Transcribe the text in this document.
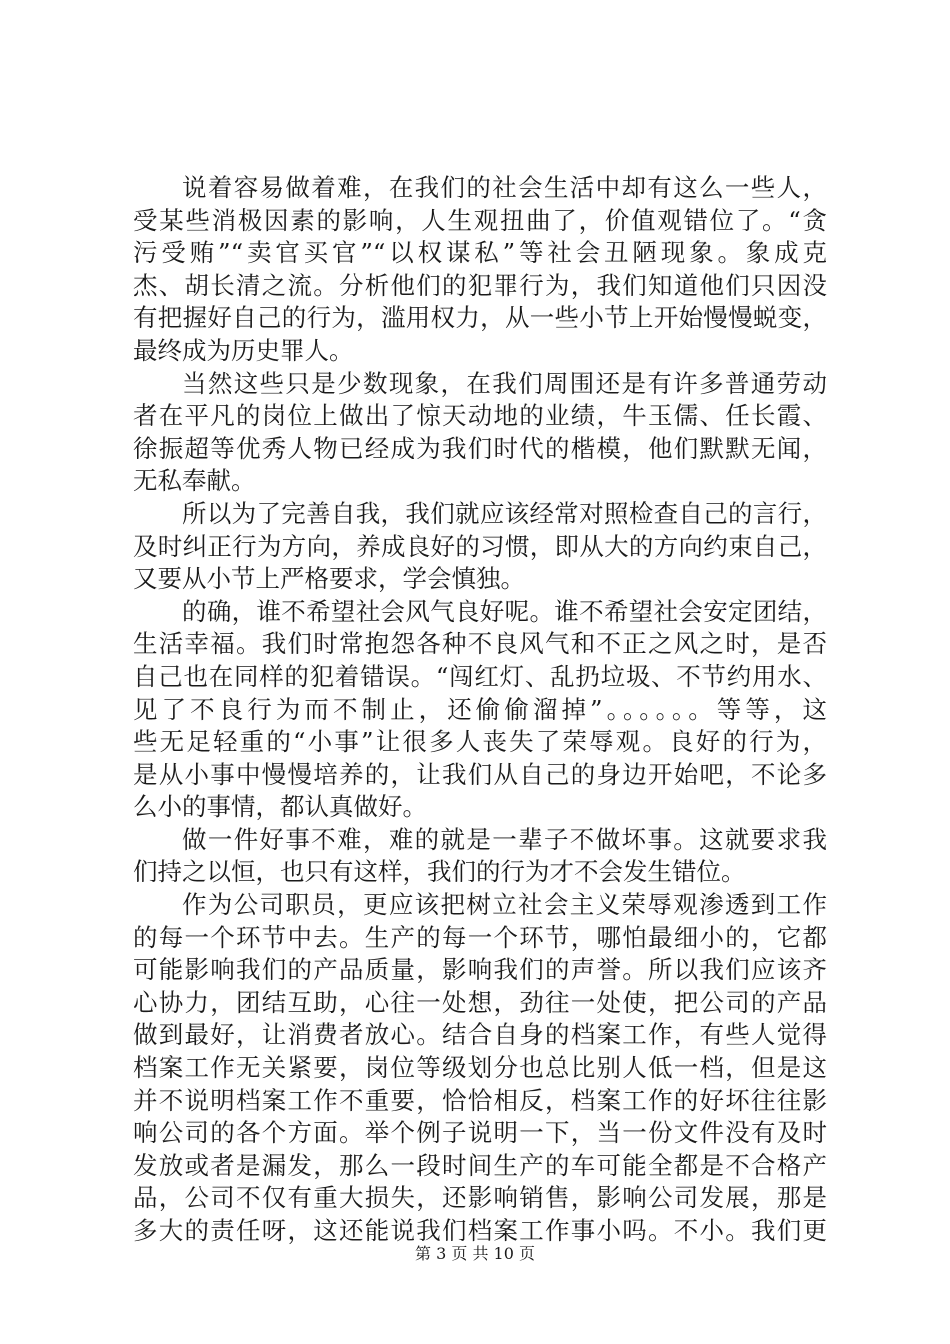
说着容易做着难，在我们的社会生活中却有这么一些人，
受某些消极因素的影响，人生观扭曲了，价值观错位了。“贪
污受贿”“卖官买官”“以权谋私”等社会丑陋现象。象成克
杰、胡长清之流。分析他们的犯罪行为，我们知道他们只因没
有把握好自己的行为，滥用权力，从一些小节上开始慢慢蜕变，
最终成为历史罪人。
当然这些只是少数现象，在我们周围还是有许多普通劳动
者在平凡的岗位上做出了惊天动地的业绩，牛玉儒、任长霞、
徐振超等优秀人物已经成为我们时代的楷模，他们默默无闻，
无私奉献。
所以为了完善自我，我们就应该经常对照检查自己的言行，
及时纠正行为方向，养成良好的习惯，即从大的方向约束自己，
又要从小节上严格要求，学会慎独。
的确，谁不希望社会风气良好呢。谁不希望社会安定团结，
生活幸福。我们时常抱怨各种不良风气和不正之风之时，是否
自己也在同样的犯着错误。“闯红灯、乱扔垃圾、不节约用水、
见了不良行为而不制止，还偷偷溜掉”。。。。。。等等，这
些无足轻重的“小事”让很多人丧失了荣辱观。良好的行为，
是从小事中慢慢培养的，让我们从自己的身边开始吧，不论多
么小的事情，都认真做好。
做一件好事不难，难的就是一辈子不做坏事。这就要求我
们持之以恒，也只有这样，我们的行为才不会发生错位。
作为公司职员，更应该把树立社会主义荣辱观渗透到工作
的每一个环节中去。生产的每一个环节，哪怕最细小的，它都
可能影响我们的产品质量，影响我们的声誉。所以我们应该齐
心协力，团结互助，心往一处想，劲往一处使，把公司的产品
做到最好，让消费者放心。结合自身的档案工作，有些人觉得
档案工作无关紧要，岗位等级划分也总比别人低一档，但是这
并不说明档案工作不重要，恰恰相反，档案工作的好坏往往影
响公司的各个方面。举个例子说明一下，当一份文件没有及时
发放或者是漏发，那么一段时间生产的车可能全都是不合格产
品，公司不仅有重大损失，还影响销售，影响公司发展，那是
多大的责任呀，这还能说我们档案工作事小吗。不小。我们更
第 3 页 共 10 页
